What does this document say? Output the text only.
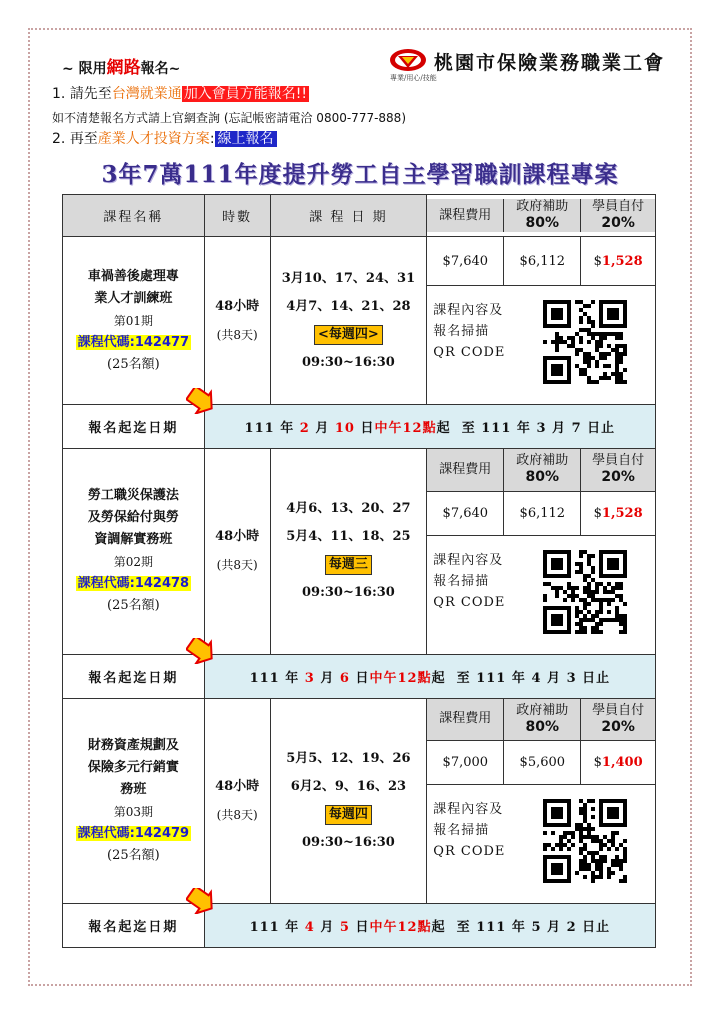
~ 限用網路報名~
1. 請先至台灣就業通 加入會員方能報名!!
如不清楚報名方式請上官網查詢 (忘記帳密請電洽 0800-777-888)
2. 再至產業人才投資方案: 線上報名
桃園市保險業務職業工會
專業/用心/技能
3年7萬111年度提升勞工自主學習職訓課程專案
課程名稱	時數	課 程 日 期		課程費用	政府補助
80%	學員自付
20%

車禍善後處理專
業人才訓練班
第01期
課程代碼:142477
(25名額)

48小時
(共8天)

3月10、17、24、31
4月7、14、21、28
<每週四>
09:30~16:30

$7,640	$6,112	$1,528

課程內容及
報名掃描
QR CODE

報名起迄日期	111 年 2 月 10 日中午12點起 至 111 年 3 月 7 日止

勞工職災保護法
及勞保給付與勞
資調解實務班
第02期
課程代碼:142478
(25名額)

48小時
(共8天)

4月6、13、20、27
5月4、11、18、25
每週三
09:30~16:30

課程費用	政府補助
80%	學員自付
20%
$7,640	$6,112	$1,528

課程內容及
報名掃描
QR CODE

報名起迄日期	111 年 3 月 6 日中午12點起 至 111 年 4 月 3 日止

財務資產規劃及
保險多元行銷實
務班
第03期
課程代碼:142479
(25名額)

48小時
(共8天)

5月5、12、19、26
6月2、9、16、23
每週四
09:30~16:30

課程費用	政府補助
80%	學員自付
20%
$7,000	$5,600	$1,400

課程內容及
報名掃描
QR CODE

報名起迄日期	111 年 4 月 5 日中午12點起 至 111 年 5 月 2 日止
